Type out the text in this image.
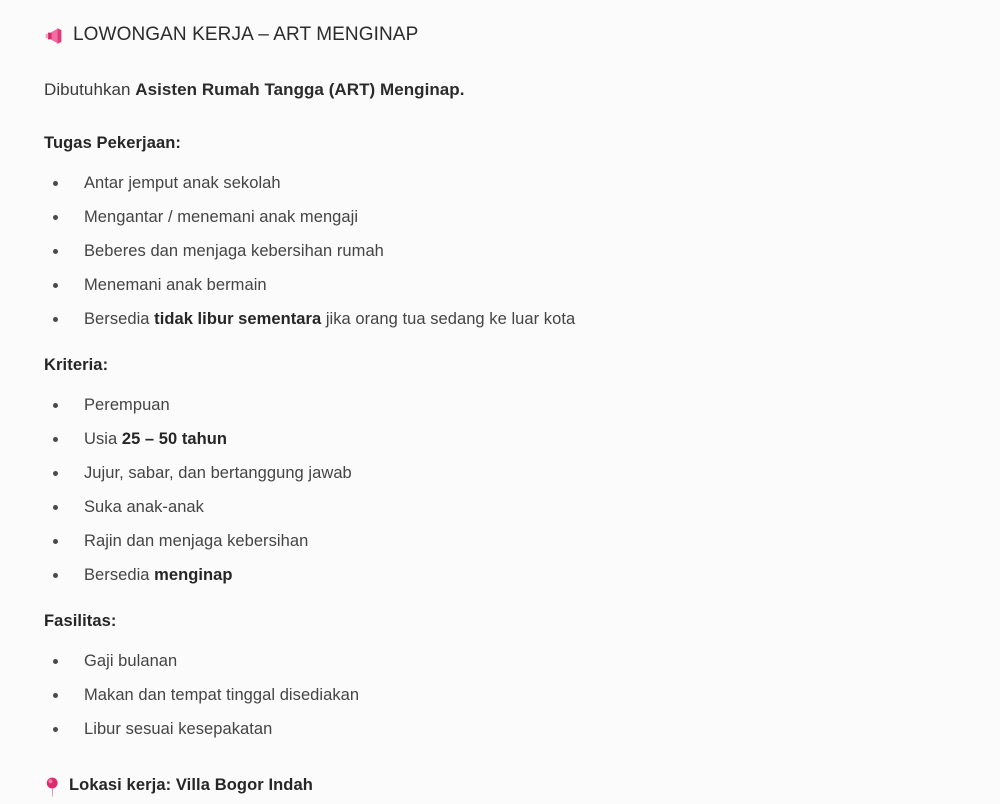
LOWONGAN KERJA – ART MENGINAP

Dibutuhkan Asisten Rumah Tangga (ART) Menginap.

Tugas Pekerjaan:
Antar jemput anak sekolah
Mengantar / menemani anak mengaji
Beberes dan menjaga kebersihan rumah
Menemani anak bermain
Bersedia tidak libur sementara jika orang tua sedang ke luar kota
Kriteria:
Perempuan
Usia 25 – 50 tahun
Jujur, sabar, dan bertanggung jawab
Suka anak-anak
Rajin dan menjaga kebersihan
Bersedia menginap
Fasilitas:
Gaji bulanan
Makan dan tempat tinggal disediakan
Libur sesuai kesepakatan

Lokasi kerja: Villa Bogor Indah
